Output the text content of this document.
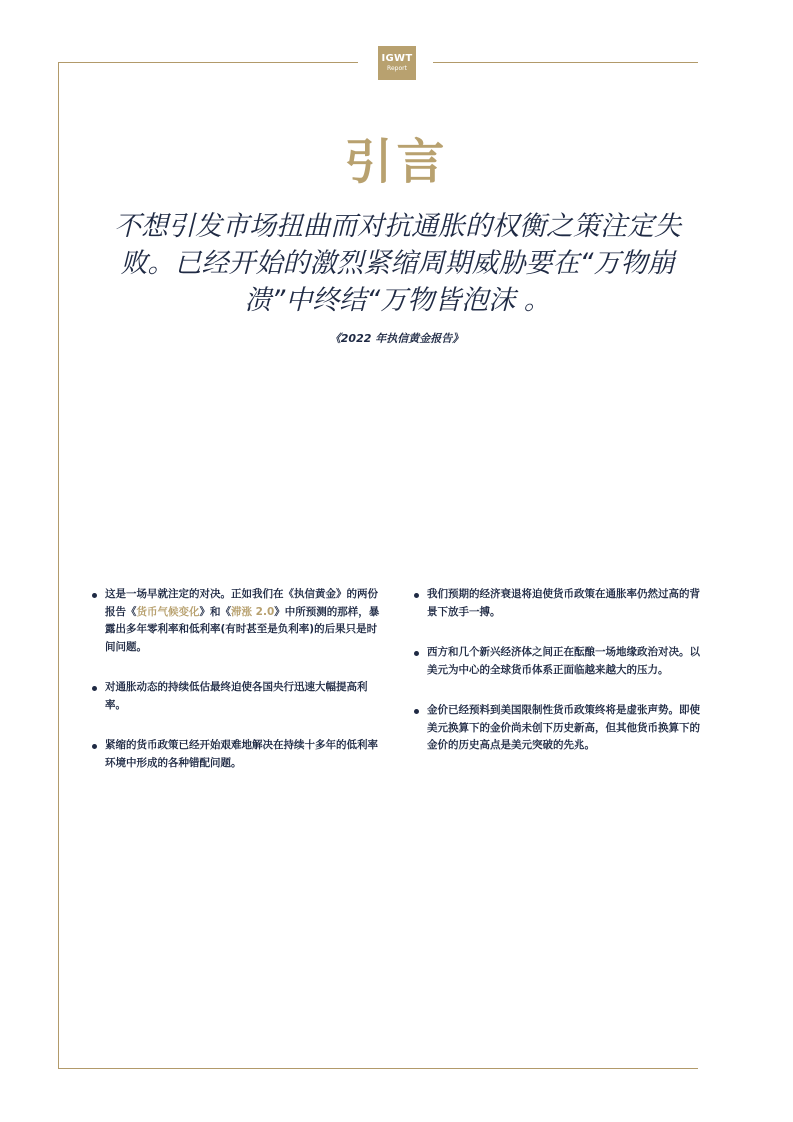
IGWT
Report
引言
不想引发市场扭曲而对抗通胀的权衡之策注定失败。已经开始的激烈紧缩周期威胁要在“万物崩溃”中终结“万物皆泡沫 。
《2022 年执信黄金报告》
这是一场早就注定的对决。正如我们在《执信黄金》的两份报告《货币气候变化》和《滞涨 2.0》中所预测的那样，暴露出多年零利率和低利率(有时甚至是负利率)的后果只是时间问题。
对通胀动态的持续低估最终迫使各国央行迅速大幅提高利率。
紧缩的货币政策已经开始艰难地解决在持续十多年的低利率环境中形成的各种错配问题。
我们预期的经济衰退将迫使货币政策在通胀率仍然过高的背景下放手一搏。
西方和几个新兴经济体之间正在酝酿一场地缘政治对决。以美元为中心的全球货币体系正面临越来越大的压力。
金价已经预料到美国限制性货币政策终将是虚张声势。即使美元换算下的金价尚未创下历史新高，但其他货币换算下的金价的历史高点是美元突破的先兆。
